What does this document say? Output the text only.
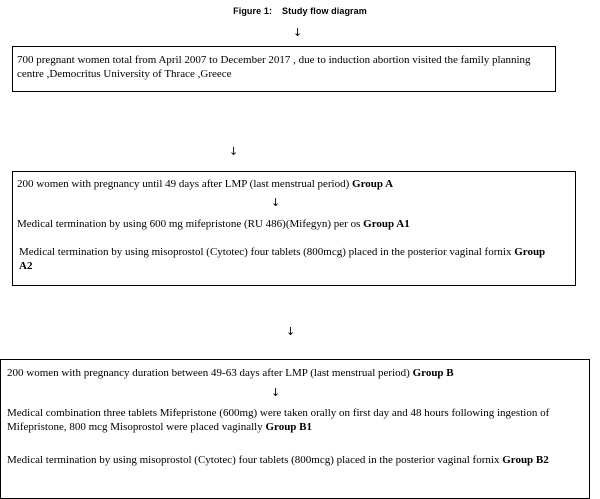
Figure 1: Study flow diagram
↓
700 pregnant women total from April 2007 to December 2017 , due to induction abortion visited the family planning centre ,Democritus University of Thrace ,Greece
↓
200 women with pregnancy until 49 days after LMP (last menstrual period) Group A
↓
Medical termination by using 600 mg mifepristone (RU 486)(Mifegyn) per os Group A1
Medical termination by using misoprostol (Cytotec) four tablets (800mcg) placed in the posterior vaginal fornix Group A2
↓
200 women with pregnancy duration between 49-63 days after LMP (last menstrual period) Group B
↓
Medical combination three tablets Mifepristone (600mg) were taken orally on first day and 48 hours following ingestion of Mifepristone, 800 mcg Misoprostol were placed vaginally Group B1
Medical termination by using misoprostol (Cytotec) four tablets (800mcg) placed in the posterior vaginal fornix Group B2
